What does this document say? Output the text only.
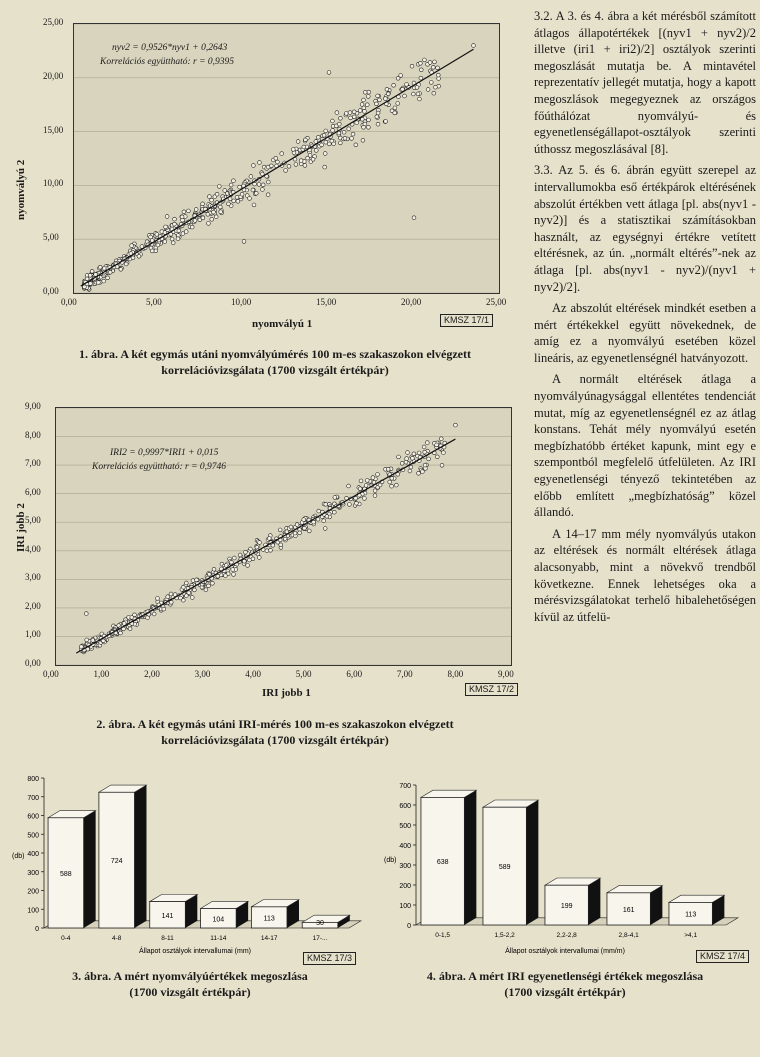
nyomvályú 2
0,00	5,00	10,00	15,00	20,00	25,00
0,00
5,00
10,00
15,00
20,00
25,00
nyv2 = 0,9526*nyv1 + 0,2643
Korrelációs együttható: r = 0,9395
nyomvályú 1	KMSZ 17/1
1. ábra. A két egymás utáni nyomvályúmérés 100 m-es szakaszokon elvégzett
korrelációvizsgálata (1700 vizsgált értékpár)
IRI jobb 2
0,00	1,00	2,00	3,00	4,00	5,00	6,00	7,00	8,00	9,00
0,00
1,00
2,00
3,00
4,00
5,00
6,00
7,00
8,00
9,00
IRI2 = 0,9997*IRI1 + 0,015
Korrelációs együttható: r = 0,9746
IRI jobb 1	KMSZ 17/2
2. ábra. A két egymás utáni IRI-mérés 100 m-es szakaszokon elvégzett
korrelációvizsgálata (1700 vizsgált értékpár)
0
100
200
300
400
500
600
700
800
588
0-4
724
4-8
141
8-11
104
11-14
113
14-17
30
17-...
(db)
Állapot osztályok intervallumai (mm)
KMSZ 17/3
3. ábra. A mért nyomvályúértékek megoszlása
(1700 vizsgált értékpár)
0
100
200
300
400
500
600
700
638
0-1,5
589
1,5-2,2
199
2,2-2,8
161
2,8-4,1
113
>4,1
(db)
Állapot osztályok intervallumai (mm/m)	KMSZ 17/4
4. ábra. A mért IRI egyenetlenségi értékek megoszlása
(1700 vizsgált értékpár)

3.2. A 3. és 4. ábra a két mérésből számított átlagos állapotértékek [(nyv1 + nyv2)/2 illetve (iri1 + iri2)/2] osztályok szerinti megoszlását mutatja be. A mintavétel reprezentatív jellegét mutatja, hogy a kapott megoszlások megegyeznek az országos főúthálózat nyomvályú- és egyenetlenségállapot-osztályok szerinti úthossz megoszlásával [8].

3.3. Az 5. és 6. ábrán együtt szerepel az intervallumokba eső értékpárok eltérésének abszolút értékben vett átlaga [pl. abs(nyv1 - nyv2)] és a statisztikai számításokban használt, az egységnyi értékre vetített eltérésnek, az ún. „normált eltérés”-nek az átlaga [pl. abs(nyv1 - nyv2)/(nyv1 + nyv2)/2].

Az abszolút eltérések mindkét esetben a mért értékekkel együtt növekednek, de amíg ez a nyomvályú esetében közel lineáris, az egyenetlenségnél hatványozott.

A normált eltérések átlaga a nyomvályúnagysággal ellentétes tendenciát mutat, míg az egyenetlenségnél ez az átlag konstans. Tehát mély nyomvályú esetén megbízhatóbb értéket kapunk, mint egy e szempontból megfelelő útfelületen. Az IRI egyenetlenségi tényező tekintetében az előbb említett „megbízhatóság” közel állandó.

A 14–17 mm mély nyomvályús utakon az eltérések és normált eltérések átlaga alacsonyabb, mint a növekvő trendből következne. Ennek lehetséges oka a mérésvizsgálatokat terhelő hibalehetőségen kívül az útfelü-
